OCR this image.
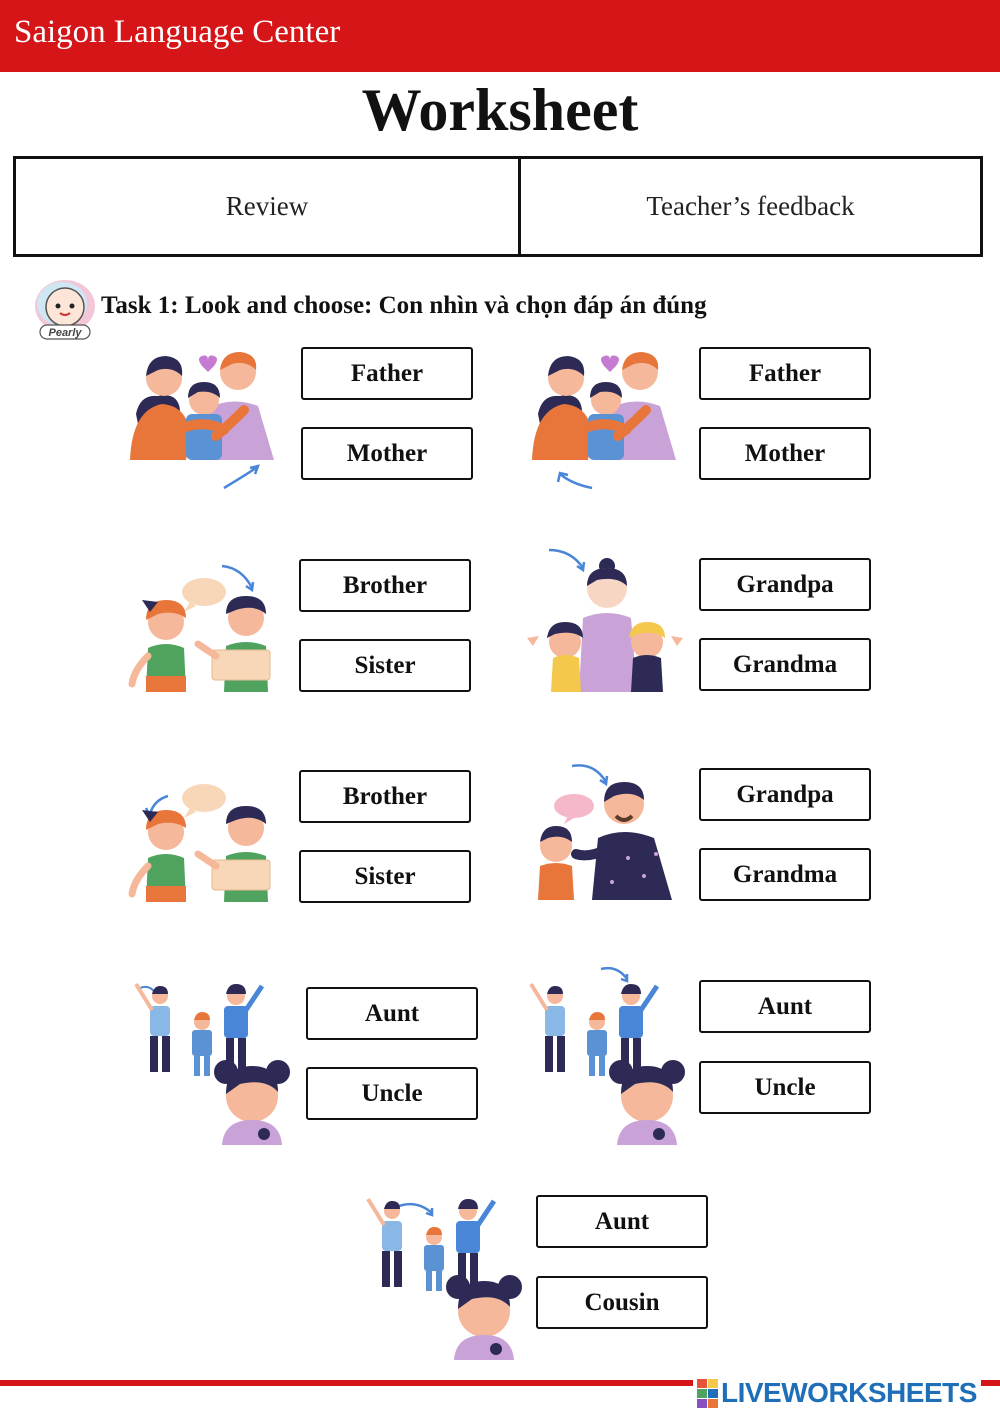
Saigon Language Center
Worksheet
Review	Teacher’s feedback
Pearly
Task 1: Look and choose: Con nhìn và chọn đáp án đúng
Father
Mother
Father
Mother
Brother
Sister
Grandpa
Grandma
Brother
Sister
Grandpa
Grandma
Aunt
Uncle
Aunt
Uncle
Aunt
Cousin
LIVEWORKSHEETS
